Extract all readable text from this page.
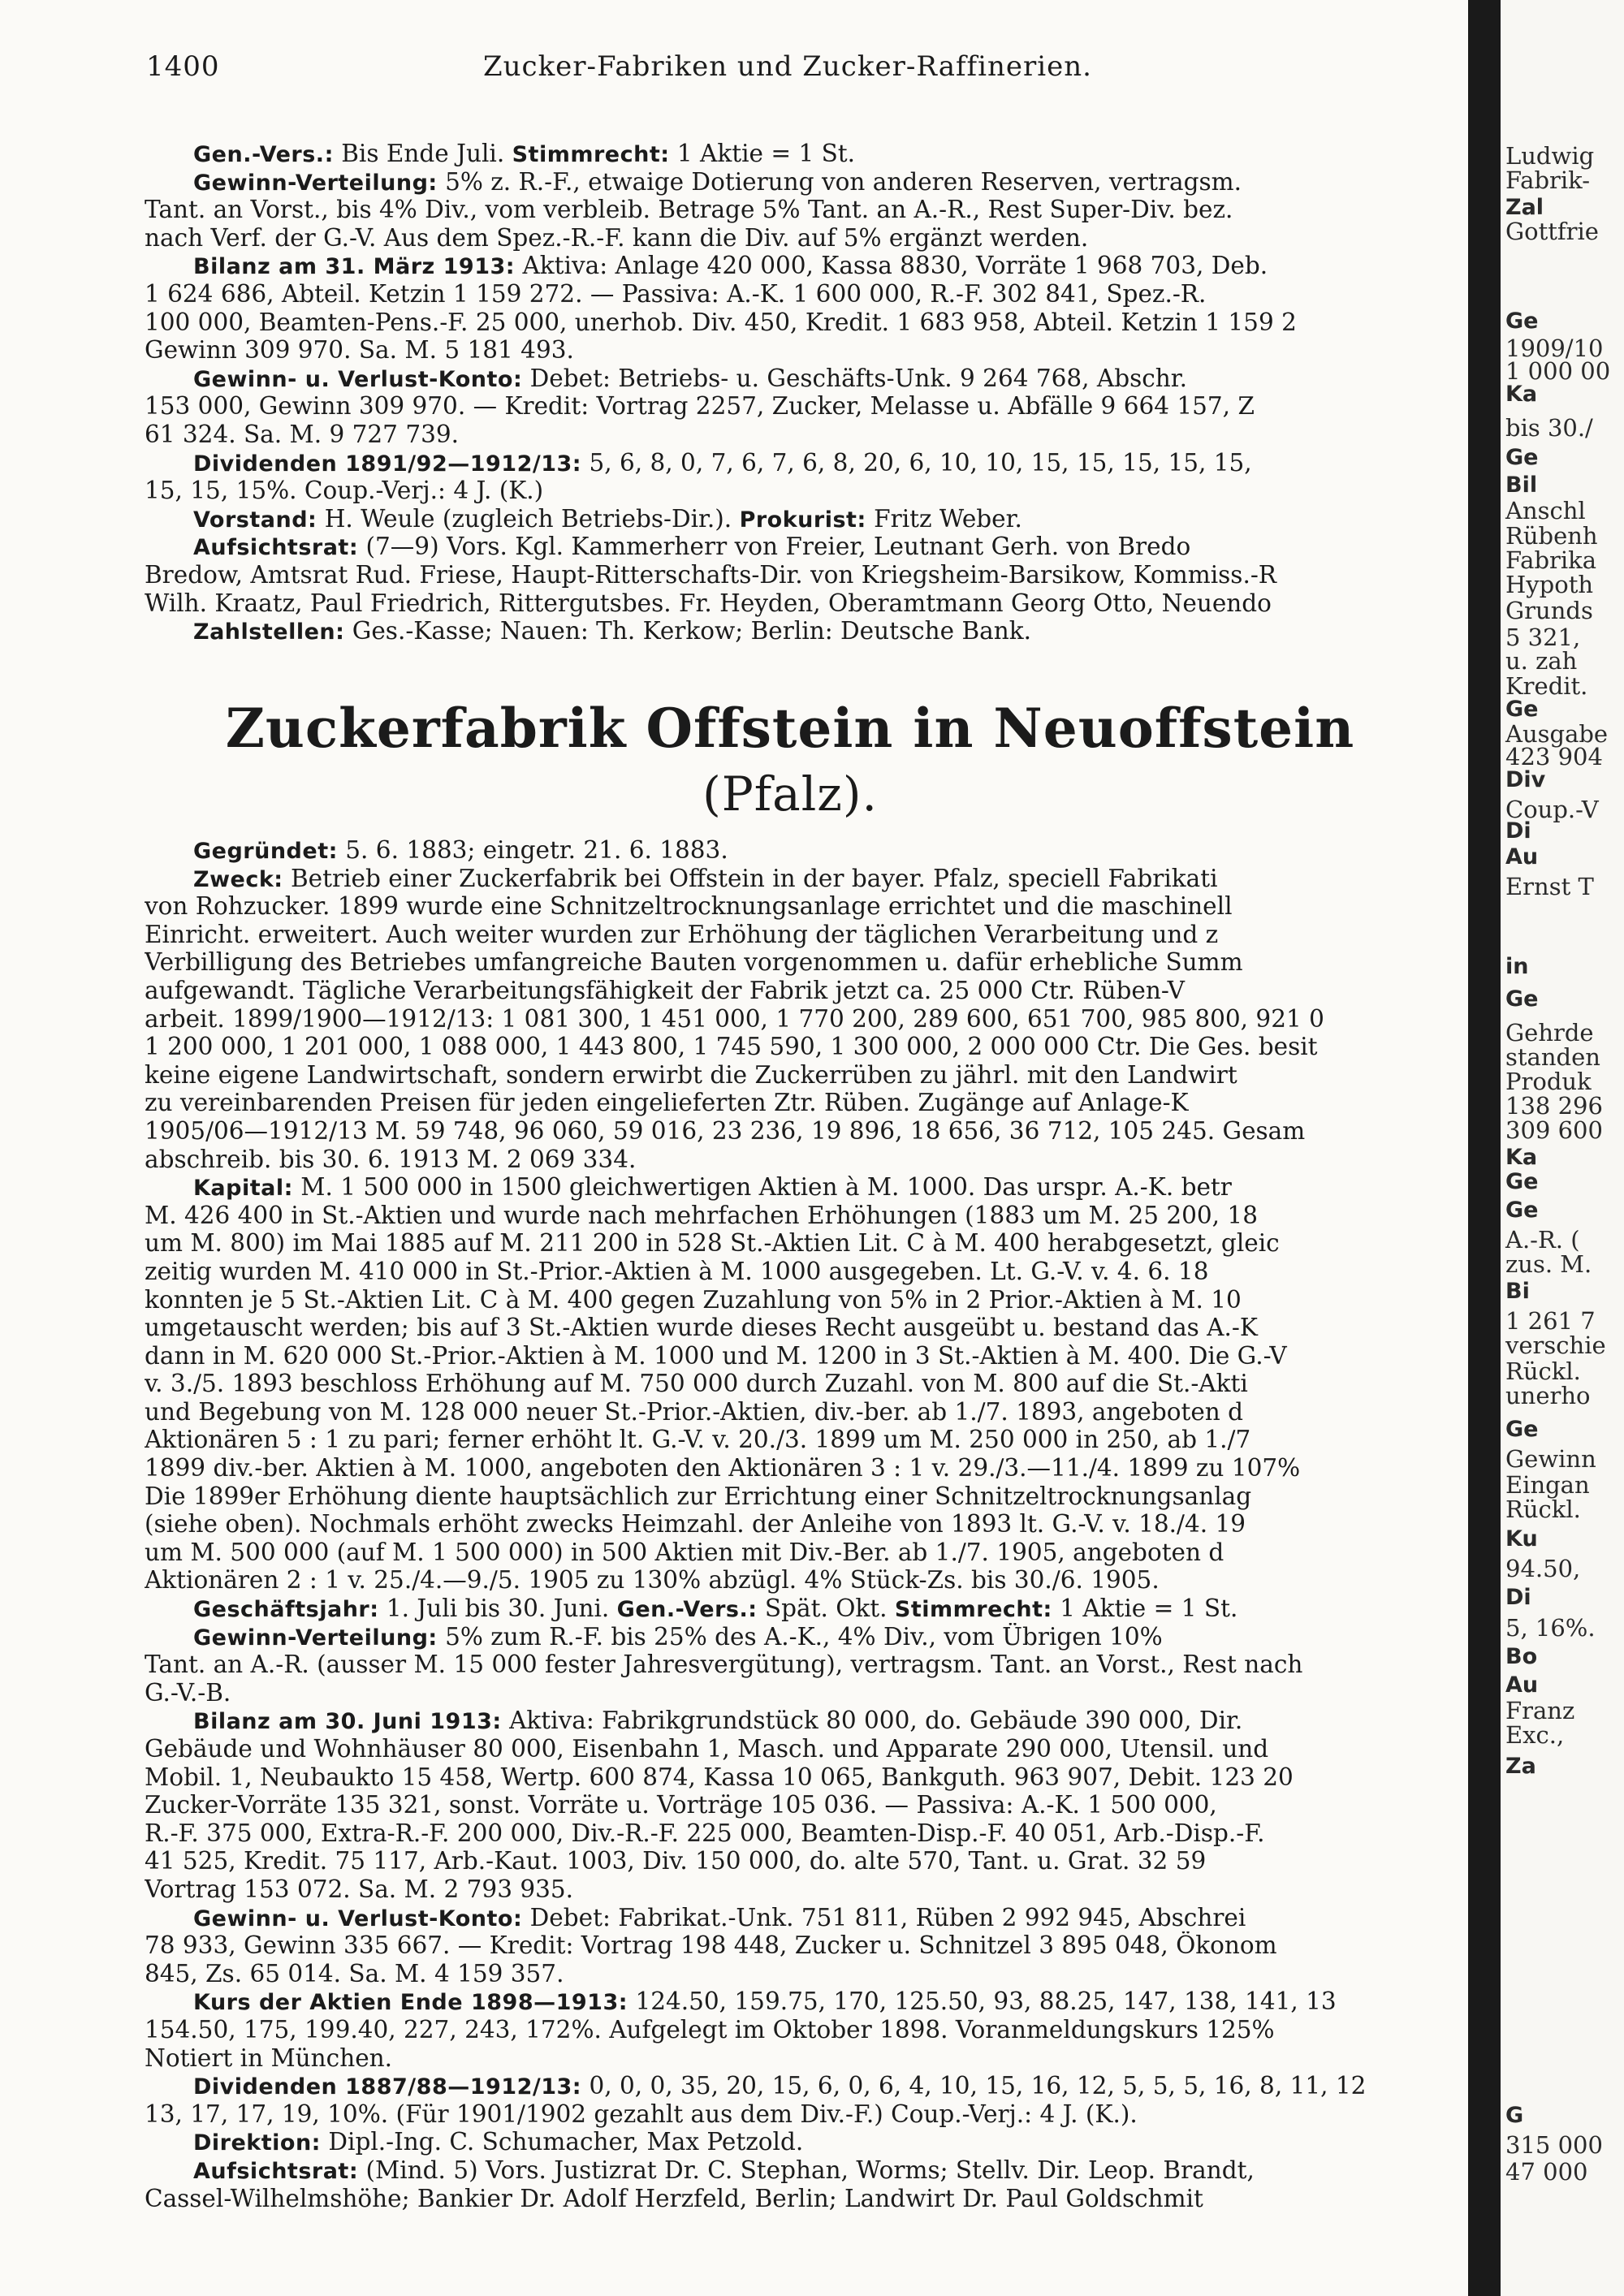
1400	Zucker-Fabriken und Zucker-Raffinerien.
Gen.-Vers.: Bis Ende Juli. Stimmrecht: 1 Aktie = 1 St.
Gewinn-Verteilung: 5% z. R.-F., etwaige Dotierung von anderen Reserven, vertragsm.
Tant. an Vorst., bis 4% Div., vom verbleib. Betrage 5% Tant. an A.-R., Rest Super-Div. bez.
nach Verf. der G.-V. Aus dem Spez.-R.-F. kann die Div. auf 5% ergänzt werden.
Bilanz am 31. März 1913: Aktiva: Anlage 420 000, Kassa 8830, Vorräte 1 968 703, Deb.
1 624 686, Abteil. Ketzin 1 159 272. — Passiva: A.-K. 1 600 000, R.-F. 302 841, Spez.-R.
100 000, Beamten-Pens.-F. 25 000, unerhob. Div. 450, Kredit. 1 683 958, Abteil. Ketzin 1 159 2
Gewinn 309 970. Sa. M. 5 181 493.
Gewinn- u. Verlust-Konto: Debet: Betriebs- u. Geschäfts-Unk. 9 264 768, Abschr.
153 000, Gewinn 309 970. — Kredit: Vortrag 2257, Zucker, Melasse u. Abfälle 9 664 157, Z
61 324. Sa. M. 9 727 739.
Dividenden 1891/92—1912/13: 5, 6, 8, 0, 7, 6, 7, 6, 8, 20, 6, 10, 10, 15, 15, 15, 15, 15,
15, 15, 15%. Coup.-Verj.: 4 J. (K.)
Vorstand: H. Weule (zugleich Betriebs-Dir.). Prokurist: Fritz Weber.
Aufsichtsrat: (7—9) Vors. Kgl. Kammerherr von Freier, Leutnant Gerh. von Bredo
Bredow, Amtsrat Rud. Friese, Haupt-Ritterschafts-Dir. von Kriegsheim-Barsikow, Kommiss.-R
Wilh. Kraatz, Paul Friedrich, Rittergutsbes. Fr. Heyden, Oberamtmann Georg Otto, Neuendo
Zahlstellen: Ges.-Kasse; Nauen: Th. Kerkow; Berlin: Deutsche Bank.
Zuckerfabrik Offstein in Neuoffstein (Pfalz).
Gegründet: 5. 6. 1883; eingetr. 21. 6. 1883.
Zweck: Betrieb einer Zuckerfabrik bei Offstein in der bayer. Pfalz, speciell Fabrikati
von Rohzucker. 1899 wurde eine Schnitzeltrocknungsanlage errichtet und die maschinell
Einricht. erweitert. Auch weiter wurden zur Erhöhung der täglichen Verarbeitung und z
Verbilligung des Betriebes umfangreiche Bauten vorgenommen u. dafür erhebliche Summ
aufgewandt. Tägliche Verarbeitungsfähigkeit der Fabrik jetzt ca. 25 000 Ctr. Rüben-V
arbeit. 1899/1900—1912/13: 1 081 300, 1 451 000, 1 770 200, 289 600, 651 700, 985 800, 921 0
1 200 000, 1 201 000, 1 088 000, 1 443 800, 1 745 590, 1 300 000, 2 000 000 Ctr. Die Ges. besit
keine eigene Landwirtschaft, sondern erwirbt die Zuckerrüben zu jährl. mit den Landwirt
zu vereinbarenden Preisen für jeden eingelieferten Ztr. Rüben. Zugänge auf Anlage-K
1905/06—1912/13 M. 59 748, 96 060, 59 016, 23 236, 19 896, 18 656, 36 712, 105 245. Gesam
abschreib. bis 30. 6. 1913 M. 2 069 334.
Kapital: M. 1 500 000 in 1500 gleichwertigen Aktien à M. 1000. Das urspr. A.-K. betr
M. 426 400 in St.-Aktien und wurde nach mehrfachen Erhöhungen (1883 um M. 25 200, 18
um M. 800) im Mai 1885 auf M. 211 200 in 528 St.-Aktien Lit. C à M. 400 herabgesetzt, gleic
zeitig wurden M. 410 000 in St.-Prior.-Aktien à M. 1000 ausgegeben. Lt. G.-V. v. 4. 6. 18
konnten je 5 St.-Aktien Lit. C à M. 400 gegen Zuzahlung von 5% in 2 Prior.-Aktien à M. 10
umgetauscht werden; bis auf 3 St.-Aktien wurde dieses Recht ausgeübt u. bestand das A.-K
dann in M. 620 000 St.-Prior.-Aktien à M. 1000 und M. 1200 in 3 St.-Aktien à M. 400. Die G.-V
v. 3./5. 1893 beschloss Erhöhung auf M. 750 000 durch Zuzahl. von M. 800 auf die St.-Akti
und Begebung von M. 128 000 neuer St.-Prior.-Aktien, div.-ber. ab 1./7. 1893, angeboten d
Aktionären 5 : 1 zu pari; ferner erhöht lt. G.-V. v. 20./3. 1899 um M. 250 000 in 250, ab 1./7
1899 div.-ber. Aktien à M. 1000, angeboten den Aktionären 3 : 1 v. 29./3.—11./4. 1899 zu 107%
Die 1899er Erhöhung diente hauptsächlich zur Errichtung einer Schnitzeltrocknungsanlag
(siehe oben). Nochmals erhöht zwecks Heimzahl. der Anleihe von 1893 lt. G.-V. v. 18./4. 19
um M. 500 000 (auf M. 1 500 000) in 500 Aktien mit Div.-Ber. ab 1./7. 1905, angeboten d
Aktionären 2 : 1 v. 25./4.—9./5. 1905 zu 130% abzügl. 4% Stück-Zs. bis 30./6. 1905.
Geschäftsjahr: 1. Juli bis 30. Juni. Gen.-Vers.: Spät. Okt. Stimmrecht: 1 Aktie = 1 St.
Gewinn-Verteilung: 5% zum R.-F. bis 25% des A.-K., 4% Div., vom Übrigen 10%
Tant. an A.-R. (ausser M. 15 000 fester Jahresvergütung), vertragsm. Tant. an Vorst., Rest nach
G.-V.-B.
Bilanz am 30. Juni 1913: Aktiva: Fabrikgrundstück 80 000, do. Gebäude 390 000, Dir.
Gebäude und Wohnhäuser 80 000, Eisenbahn 1, Masch. und Apparate 290 000, Utensil. und
Mobil. 1, Neubaukto 15 458, Wertp. 600 874, Kassa 10 065, Bankguth. 963 907, Debit. 123 20
Zucker-Vorräte 135 321, sonst. Vorräte u. Vorträge 105 036. — Passiva: A.-K. 1 500 000,
R.-F. 375 000, Extra-R.-F. 200 000, Div.-R.-F. 225 000, Beamten-Disp.-F. 40 051, Arb.-Disp.-F.
41 525, Kredit. 75 117, Arb.-Kaut. 1003, Div. 150 000, do. alte 570, Tant. u. Grat. 32 59
Vortrag 153 072. Sa. M. 2 793 935.
Gewinn- u. Verlust-Konto: Debet: Fabrikat.-Unk. 751 811, Rüben 2 992 945, Abschrei
78 933, Gewinn 335 667. — Kredit: Vortrag 198 448, Zucker u. Schnitzel 3 895 048, Ökonom
845, Zs. 65 014. Sa. M. 4 159 357.
Kurs der Aktien Ende 1898—1913: 124.50, 159.75, 170, 125.50, 93, 88.25, 147, 138, 141, 13
154.50, 175, 199.40, 227, 243, 172%. Aufgelegt im Oktober 1898. Voranmeldungskurs 125%
Notiert in München.
Dividenden 1887/88—1912/13: 0, 0, 0, 35, 20, 15, 6, 0, 6, 4, 10, 15, 16, 12, 5, 5, 5, 16, 8, 11, 12
13, 17, 17, 19, 10%. (Für 1901/1902 gezahlt aus dem Div.-F.) Coup.-Verj.: 4 J. (K.).
Direktion: Dipl.-Ing. C. Schumacher, Max Petzold.
Aufsichtsrat: (Mind. 5) Vors. Justizrat Dr. C. Stephan, Worms; Stellv. Dir. Leop. Brandt,
Cassel-Wilhelmshöhe; Bankier Dr. Adolf Herzfeld, Berlin; Landwirt Dr. Paul Goldschmit
Ludwig
Fabrik-
Zal
Gottfrie
Ge
1909/10
1 000 00
Ka
bis 30./
Ge
Bil
Anschl
Rübenh
Fabrika
Hypoth
Grunds
5 321,
u. zah
Kredit.
Ge
Ausgabe
423 904
Div
Coup.-V
Di
Au
Ernst T
in
Ge
Gehrde
standen
Produk
138 296
309 600
Ka
Ge
Ge
A.-R. (
zus. M.
Bi
1 261 7
verschie
Rückl.
unerho
Ge
Gewinn
Eingan
Rückl.
Ku
94.50,
Di
5, 16%.
Bo
Au
Franz
Exc.,
Za
G
315 000
47 000
